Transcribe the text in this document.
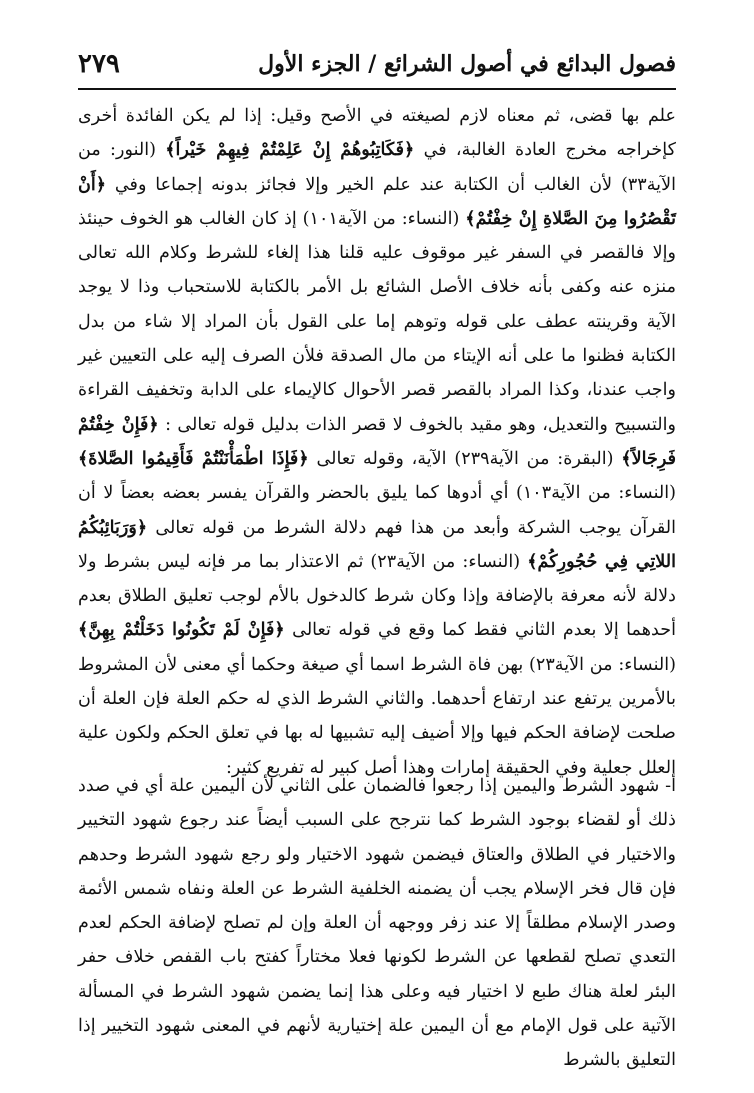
فصول البدائع في أصول الشرائع / الجزء الأول
٢٧٩

علم بها قضى، ثم معناه لازم لصيغته في الأصح وقيل: إذا لم يكن الفائدة أخرى كإخراجه مخرج العادة الغالبة، في ﴿فَكَاتِبُوهُمْ إِنْ عَلِمْتُمْ فِيهِمْ خَيْراً﴾ (النور: من الآية٣٣) لأن الغالب أن الكتابة عند علم الخير وإلا فجائز بدونه إجماعا وفي ﴿أَنْ تَقْصُرُوا مِنَ الصَّلاةِ إِنْ خِفْتُمْ﴾ (النساء: من الآية١٠١) إذ كان الغالب هو الخوف حينئذ وإلا فالقصر في السفر غير موقوف عليه قلنا هذا إلغاء للشرط وكلام الله تعالى منزه عنه وكفى بأنه خلاف الأصل الشائع بل الأمر بالكتابة للاستحباب وذا لا يوجد الآية وقرينته عطف على قوله وتوهم إما على القول بأن المراد إلا شاء من بدل الكتابة فظنوا ما على أنه الإيتاء من مال الصدقة فلأن الصرف إليه على التعيين غير واجب عندنا، وكذا المراد بالقصر قصر الأحوال كالإيماء على الدابة وتخفيف القراءة والتسبيح والتعديل، وهو مقيد بالخوف لا قصر الذات بدليل قوله تعالى : ﴿فَإِنْ خِفْتُمْ فَرِجَالاً﴾ (البقرة: من الآية٢٣٩) الآية، وقوله تعالى ﴿فَإِذَا اطْمَأْنَنْتُمْ فَأَقِيمُوا الصَّلاةَ﴾ (النساء: من الآية١٠٣) أي أدوها كما يليق بالحضر والقرآن يفسر بعضه بعضاً لا أن القرآن يوجب الشركة وأبعد من هذا فهم دلالة الشرط من قوله تعالى ﴿وَرَبَائِبُكُمُ اللاتِي فِي حُجُورِكُمْ﴾ (النساء: من الآية٢٣) ثم الاعتذار بما مر فإنه ليس بشرط ولا دلالة لأنه معرفة بالإضافة وإذا وكان شرط كالدخول بالأم لوجب تعليق الطلاق بعدم أحدهما إلا بعدم الثاني فقط كما وقع في قوله تعالى ﴿فَإِنْ لَمْ تَكُونُوا دَخَلْتُمْ بِهِنَّ﴾ (النساء: من الآية٢٣) بهن فاة الشرط اسما أي صيغة وحكما أي معنى لأن المشروط بالأمرين يرتفع عند ارتفاع أحدهما. والثاني الشرط الذي له حكم العلة فإن العلة أن صلحت لإضافة الحكم فيها وإلا أضيف إليه تشبيها له بها في تعلق الحكم ولكون علية العلل جعلية وفي الحقيقة إمارات وهذا أصل كبير له تفريع كثير:

أ- شهود الشرط واليمين إذا رجعوا فالضمان على الثاني لأن اليمين علة أي في صدد ذلك أو لقضاء بوجود الشرط كما نترجح على السبب أيضاً عند رجوع شهود التخيير والاختيار في الطلاق والعتاق فيضمن شهود الاختيار ولو رجع شهود الشرط وحدهم فإن قال فخر الإسلام يجب أن يضمنه الخلفية الشرط عن العلة ونفاه شمس الأئمة وصدر الإسلام مطلقاً إلا عند زفر ووجهه أن العلة وإن لم تصلح لإضافة الحكم لعدم التعدي تصلح لقطعها عن الشرط لكونها فعلا مختاراً كفتح باب القفص خلاف حفر البئر لعلة هناك طبع لا اختيار فيه وعلى هذا إنما يضمن شهود الشرط في المسألة الآتية على قول الإمام مع أن اليمين علة إختيارية لأنهم في المعنى شهود التخيير إذا التعليق بالشرط
